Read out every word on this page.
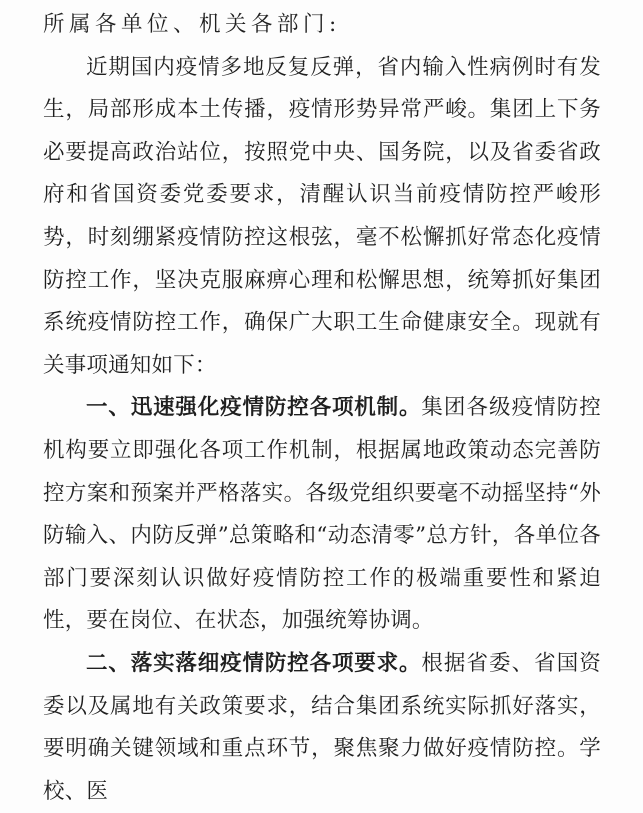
所属各单位、机关各部门:

近期国内疫情多地反复反弹，省内输入性病例时有发生，局部形成本土传播，疫情形势异常严峻。集团上下务必要提高政治站位，按照党中央、国务院，以及省委省政府和省国资委党委要求，清醒认识当前疫情防控严峻形势，时刻绷紧疫情防控这根弦，毫不松懈抓好常态化疫情防控工作，坚决克服麻痹心理和松懈思想，统筹抓好集团系统疫情防控工作，确保广大职工生命健康安全。现就有关事项通知如下：

一、迅速强化疫情防控各项机制。集团各级疫情防控机构要立即强化各项工作机制，根据属地政策动态完善防控方案和预案并严格落实。各级党组织要毫不动摇坚持“外防输入、内防反弹”总策略和“动态清零”总方针，各单位各部门要深刻认识做好疫情防控工作的极端重要性和紧迫性，要在岗位、在状态，加强统筹协调。

二、落实落细疫情防控各项要求。根据省委、省国资委以及属地有关政策要求，结合集团系统实际抓好落实，要明确关键领域和重点环节，聚焦聚力做好疫情防控。学校、医
